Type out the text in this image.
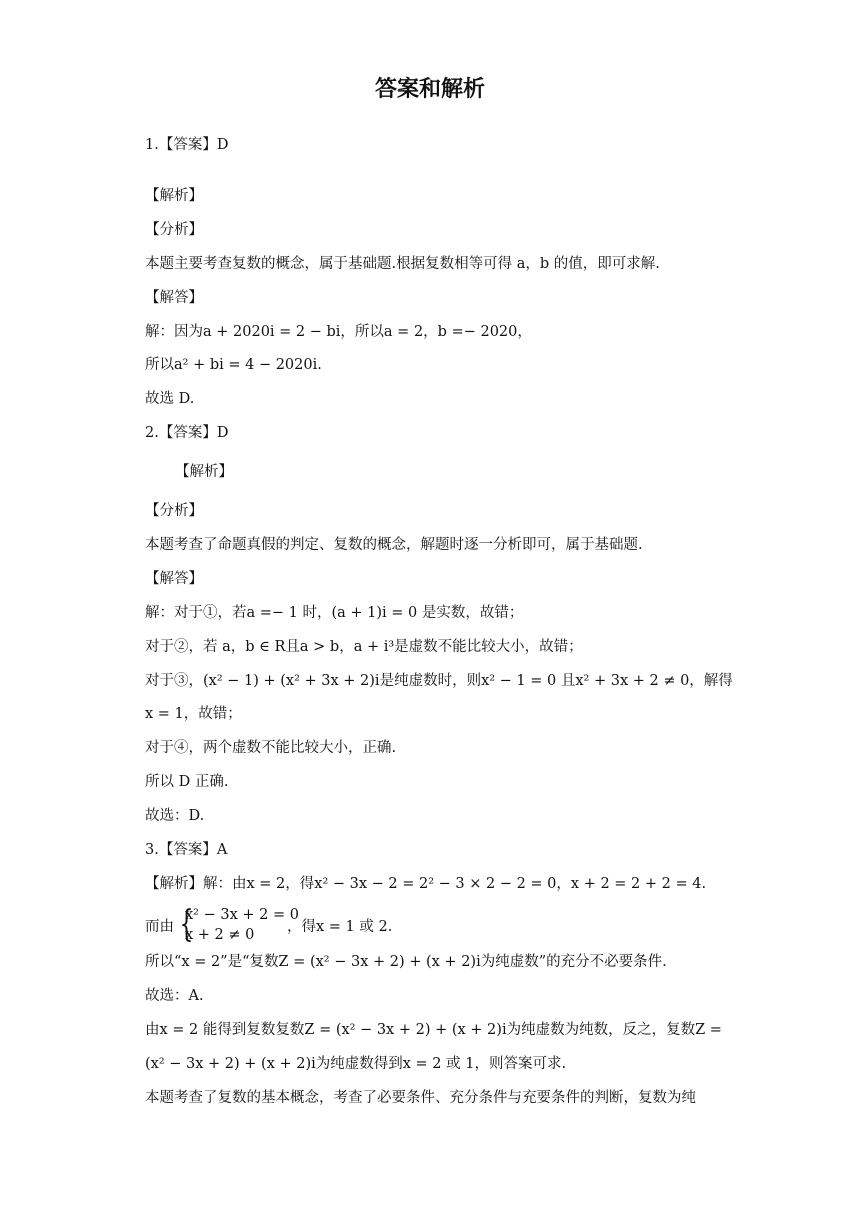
答案和解析
1.【答案】D
【解析】
【分析】
本题主要考查复数的概念，属于基础题.根据复数相等可得 a，b 的值，即可求解.
【解答】
解：因为a + 2020i = 2 − bi，所以a = 2，b =− 2020，
所以a² + bi = 4 − 2020i.
故选 D.
2.【答案】D
【解析】
【分析】
本题考查了命题真假的判定、复数的概念，解题时逐一分析即可，属于基础题.
【解答】
解：对于①，若a =− 1 时，(a + 1)i = 0 是实数，故错；
对于②，若 a，b ∈ R且a > b，a + i³是虚数不能比较大小，故错；
对于③，(x² − 1) + (x² + 3x + 2)i是纯虚数时，则x² − 1 = 0 且x² + 3x + 2 ≠ 0，解得
x = 1，故错；
对于④，两个虚数不能比较大小，正确.
所以 D 正确.
故选：D.
3.【答案】A
【解析】解：由x = 2，得x² − 3x − 2 = 2² − 3 × 2 − 2 = 0，x + 2 = 2 + 2 = 4.
而由 {
x² − 3x + 2 = 0
x + 2 ≠ 0 ，得x = 1 或 2.
所以“x = 2”是“复数Z = (x² − 3x + 2) + (x + 2)i为纯虚数”的充分不必要条件.
故选：A.
由x = 2 能得到复数复数Z = (x² − 3x + 2) + (x + 2)i为纯虚数为纯数，反之，复数Z =
(x² − 3x + 2) + (x + 2)i为纯虚数得到x = 2 或 1，则答案可求.
本题考查了复数的基本概念，考查了必要条件、充分条件与充要条件的判断，复数为纯
